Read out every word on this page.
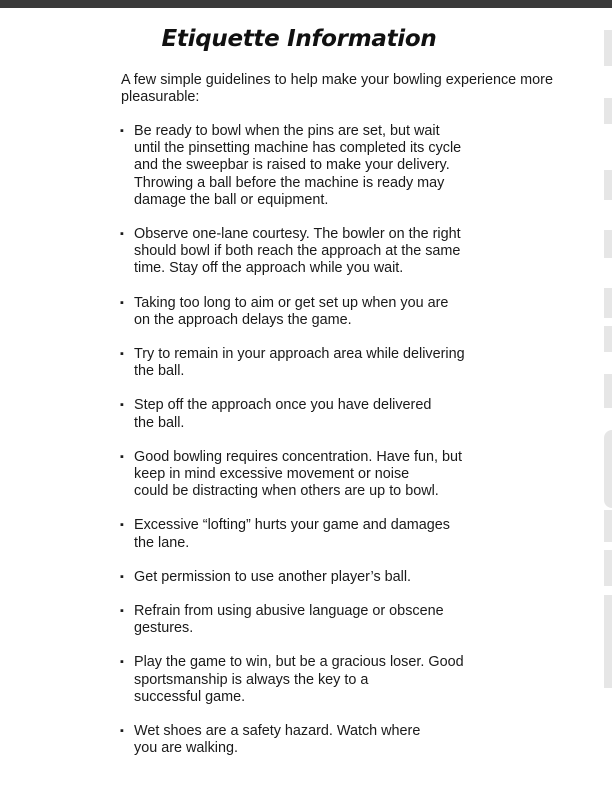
Etiquette Information

A few simple guidelines to help make your bowling experience more pleasurable:

▪ Be ready to bowl when the pins are set, but wait
until the pinsetting machine has completed its cycle
and the sweepbar is raised to make your delivery.
Throwing a ball before the machine is ready may
damage the ball or equipment.
▪ Observe one-lane courtesy. The bowler on the right
should bowl if both reach the approach at the same
time. Stay off the approach while you wait.
▪ Taking too long to aim or get set up when you are
on the approach delays the game.
▪ Try to remain in your approach area while delivering
the ball.
▪ Step off the approach once you have delivered
the ball.
▪ Good bowling requires concentration. Have fun, but
keep in mind excessive movement or noise
could be distracting when others are up to bowl.
▪ Excessive “lofting” hurts your game and damages
the lane.
▪ Get permission to use another player’s ball.
▪ Refrain from using abusive language or obscene
gestures.
▪ Play the game to win, but be a gracious loser. Good
sportsmanship is always the key to a
successful game.
▪ Wet shoes are a safety hazard. Watch where
you are walking.
